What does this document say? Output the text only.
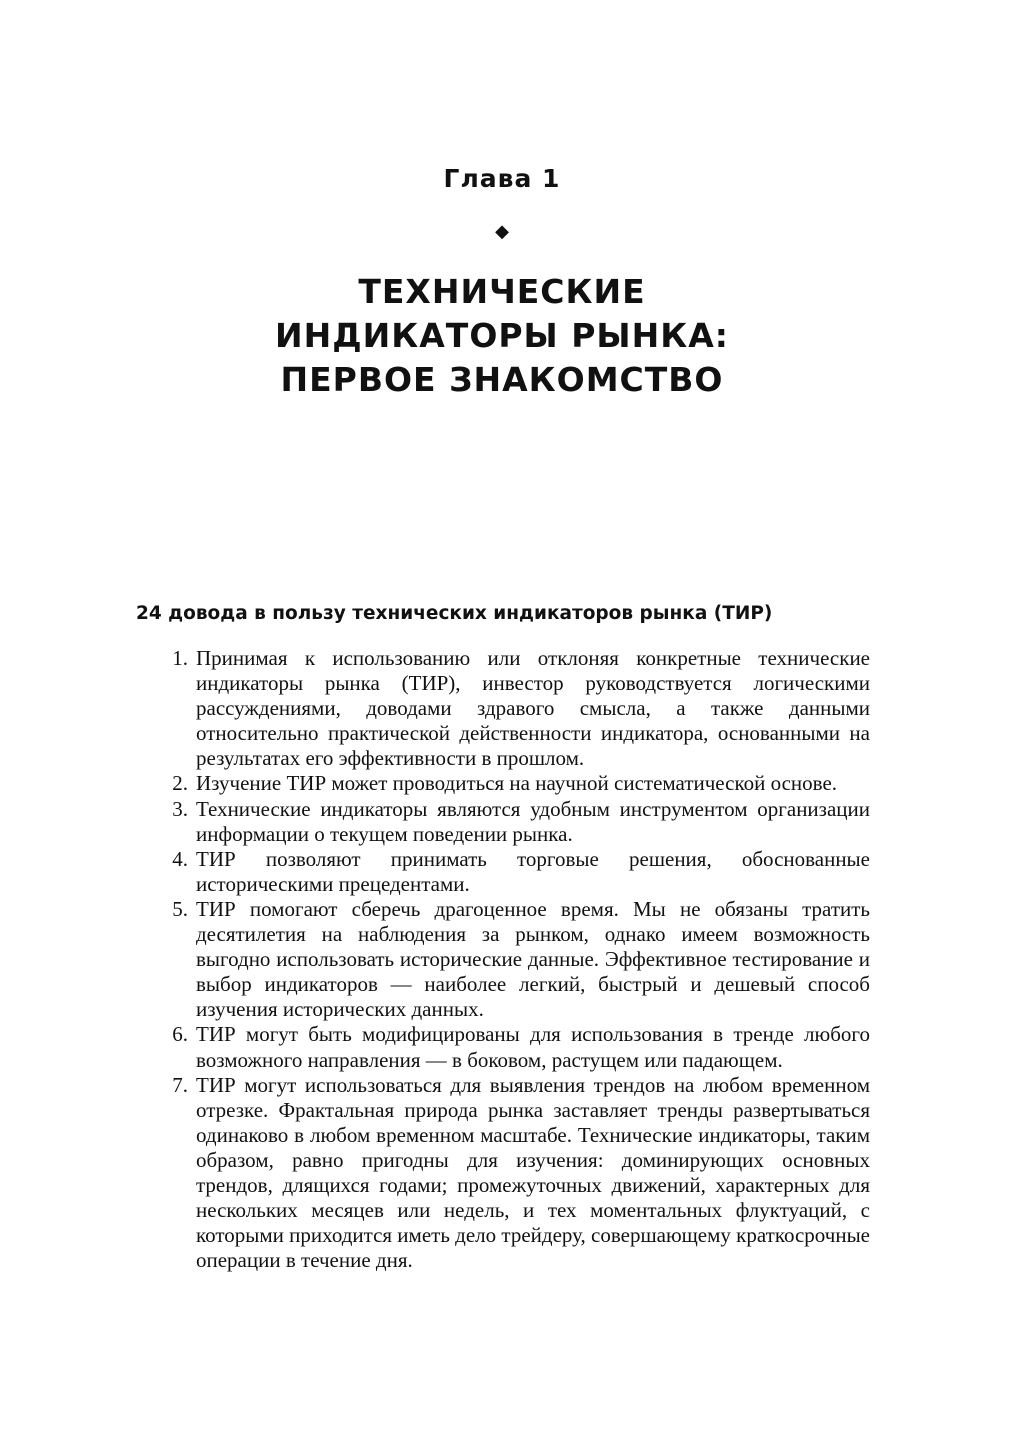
Глава 1
◆
ТЕХНИЧЕСКИЕ
ИНДИКАТОРЫ РЫНКА:
ПЕРВОЕ ЗНАКОМСТВО
24 довода в пользу технических индикаторов рынка (ТИР)
1. Принимая к использованию или отклоняя конкретные технические индикаторы рынка (ТИР), инвестор руководствуется логическими рассуждениями, доводами здравого смысла, а также данными относительно практической действенности индикатора, основанными на результатах его эффективности в прошлом.
2. Изучение ТИР может проводиться на научной систематической основе.
3. Технические индикаторы являются удобным инструментом организации информации о текущем поведении рынка.
4. ТИР позволяют принимать торговые решения, обоснованные историческими прецедентами.
5. ТИР помогают сберечь драгоценное время. Мы не обязаны тратить десятилетия на наблюдения за рынком, однако имеем возможность выгодно использовать исторические данные. Эффективное тестирование и выбор индикаторов — наиболее легкий, быстрый и дешевый способ изучения исторических данных.
6. ТИР могут быть модифицированы для использования в тренде любого возможного направления — в боковом, растущем или падающем.
7. ТИР могут использоваться для выявления трендов на любом временном отрезке. Фрактальная природа рынка заставляет тренды развертываться одинаково в любом временном масштабе. Технические индикаторы, таким образом, равно пригодны для изучения: доминирующих основных трендов, длящихся годами; промежуточных движений, характерных для нескольких месяцев или недель, и тех моментальных флуктуаций, с которыми приходится иметь дело трейдеру, совершающему краткосрочные операции в течение дня.
